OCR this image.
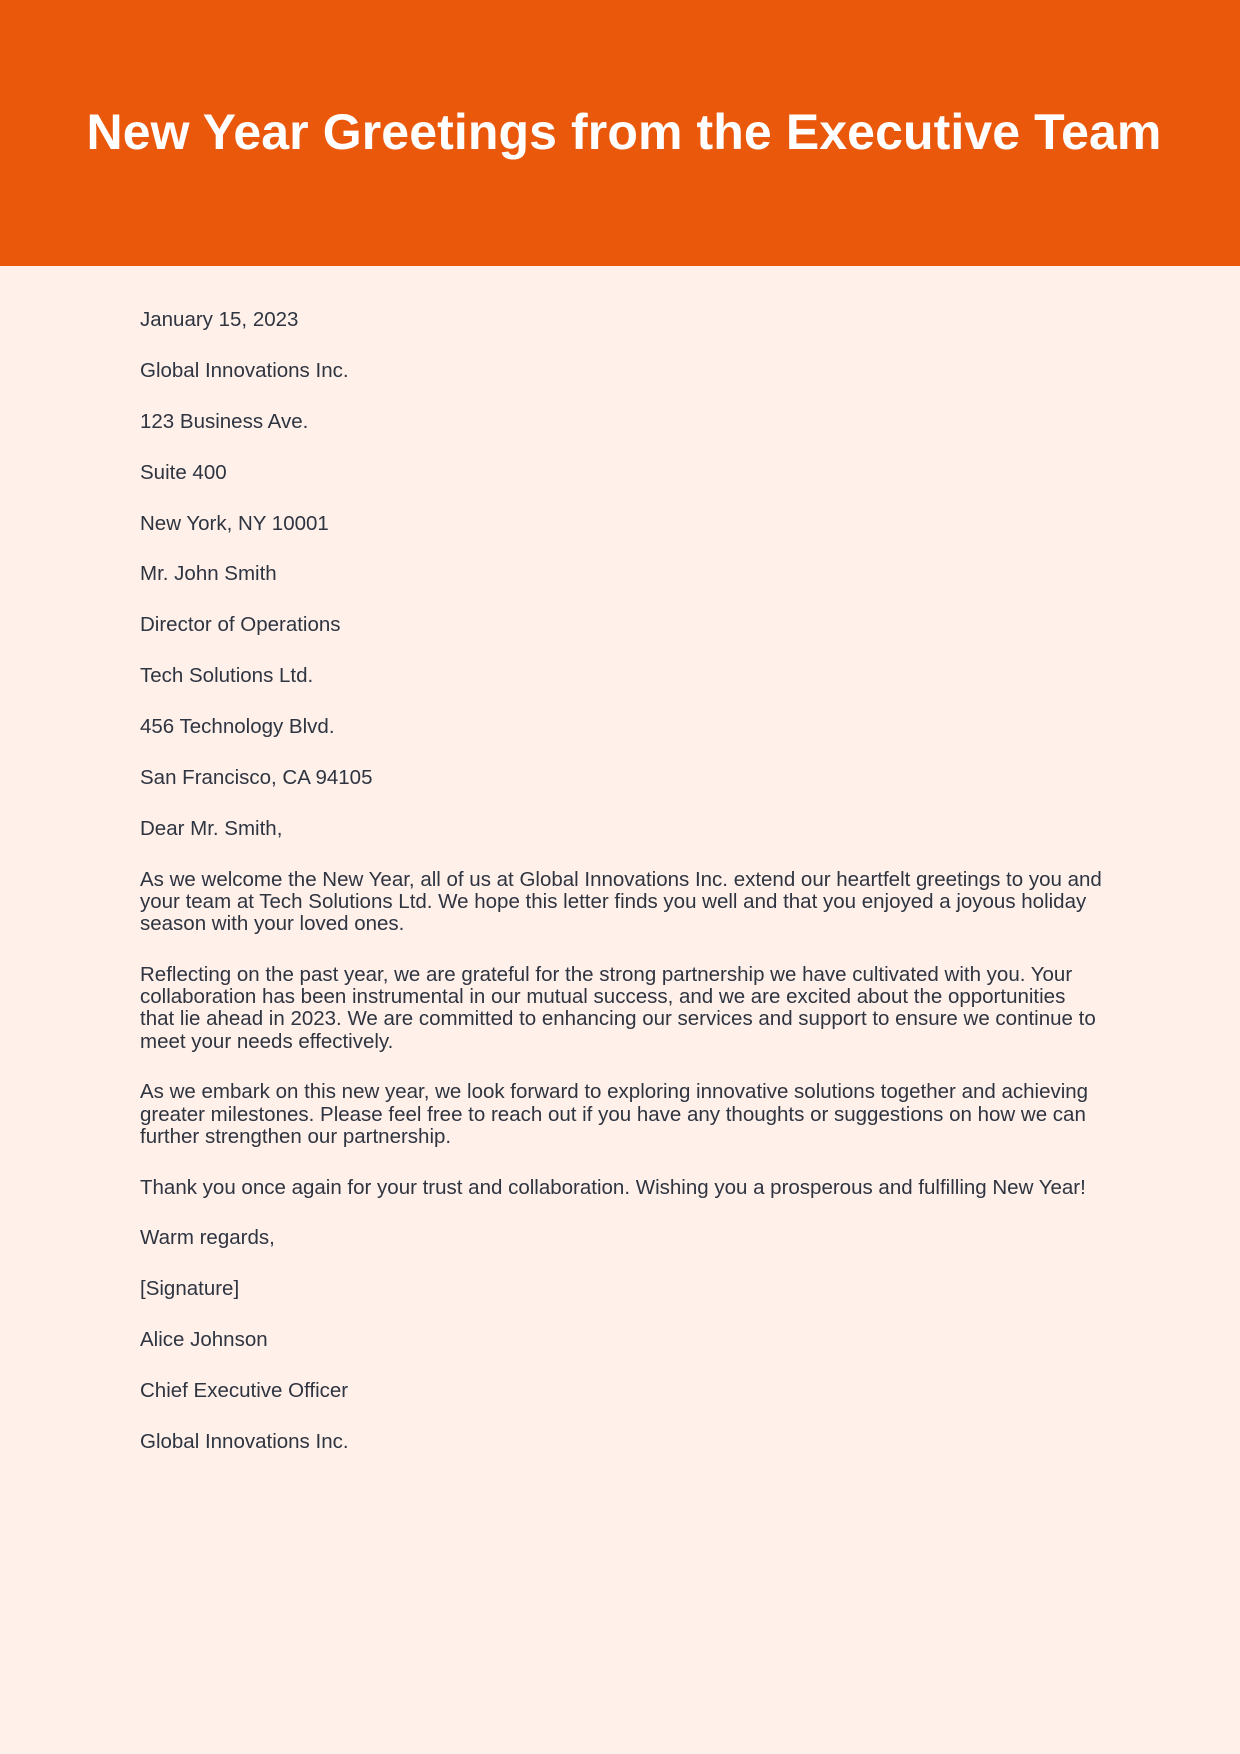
New Year Greetings from the Executive Team

January 15, 2023

Global Innovations Inc.

123 Business Ave.

Suite 400

New York, NY 10001

Mr. John Smith

Director of Operations

Tech Solutions Ltd.

456 Technology Blvd.

San Francisco, CA 94105

Dear Mr. Smith,

As we welcome the New Year, all of us at Global Innovations Inc. extend our heartfelt greetings to you and your team at Tech Solutions Ltd. We hope this letter finds you well and that you enjoyed a joyous holiday season with your loved ones.

Reflecting on the past year, we are grateful for the strong partnership we have cultivated with you. Your collaboration has been instrumental in our mutual success, and we are excited about the opportunities that lie ahead in 2023. We are committed to enhancing our services and support to ensure we continue to meet your needs effectively.

As we embark on this new year, we look forward to exploring innovative solutions together and achieving greater milestones. Please feel free to reach out if you have any thoughts or suggestions on how we can further strengthen our partnership.

Thank you once again for your trust and collaboration. Wishing you a prosperous and fulfilling New Year!

Warm regards,

[Signature]

Alice Johnson

Chief Executive Officer

Global Innovations Inc.
